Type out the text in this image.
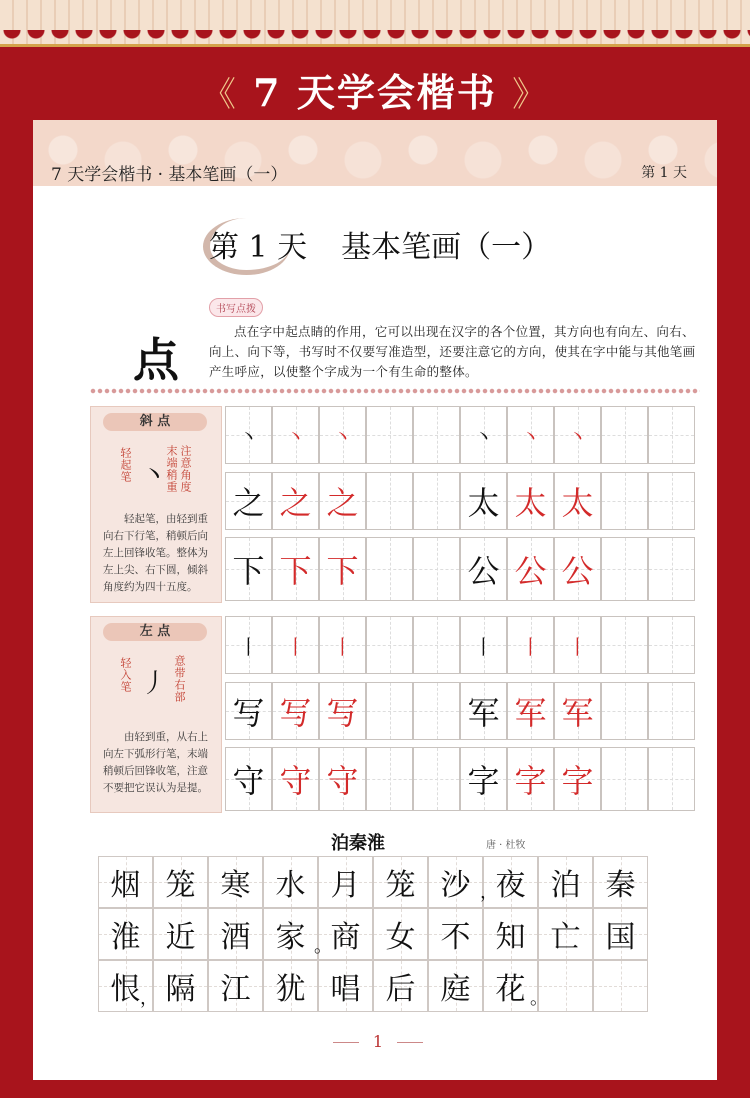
《 7 天学会楷书 》
7 天学会楷书 · 基本笔画（一）	第 1 天
第 1 天 基本笔画（一）
书写点拨
点
点在字中起点睛的作用，它可以出现在汉字的各个位置，其方向也有向左、向右、向上、向下等，书写时不仅要写准造型，还要注意它的方向，使其在字中能与其他笔画产生呼应，以使整个字成为一个有生命的整体。
斜 点
轻起笔 丶
末端稍重 注意角度
轻起笔，由轻到重向右下行笔，稍顿后向左上回锋收笔。整体为左上尖、右下圆，倾斜角度约为四十五度。
丶	丶	丶	丶	丶	丶
之 之 之	太 太 太
下 下 下	公 公 公
左 点
轻入笔 丿 意带右部
由轻到重，从右上向左下弧形行笔，末端稍顿后回锋收笔，注意不要把它误认为是提。
丨	丨	丨	丨	丨	丨
写 写 写	军 军 军
守 守 守	字 字 字
泊秦淮	唐 · 杜牧
，
。
，	。
烟 笼 寒 水 月 笼 沙 夜 泊 秦
淮 近 酒 家 商 女 不 知 亡 国
恨 隔 江 犹 唱 后 庭 花
1
